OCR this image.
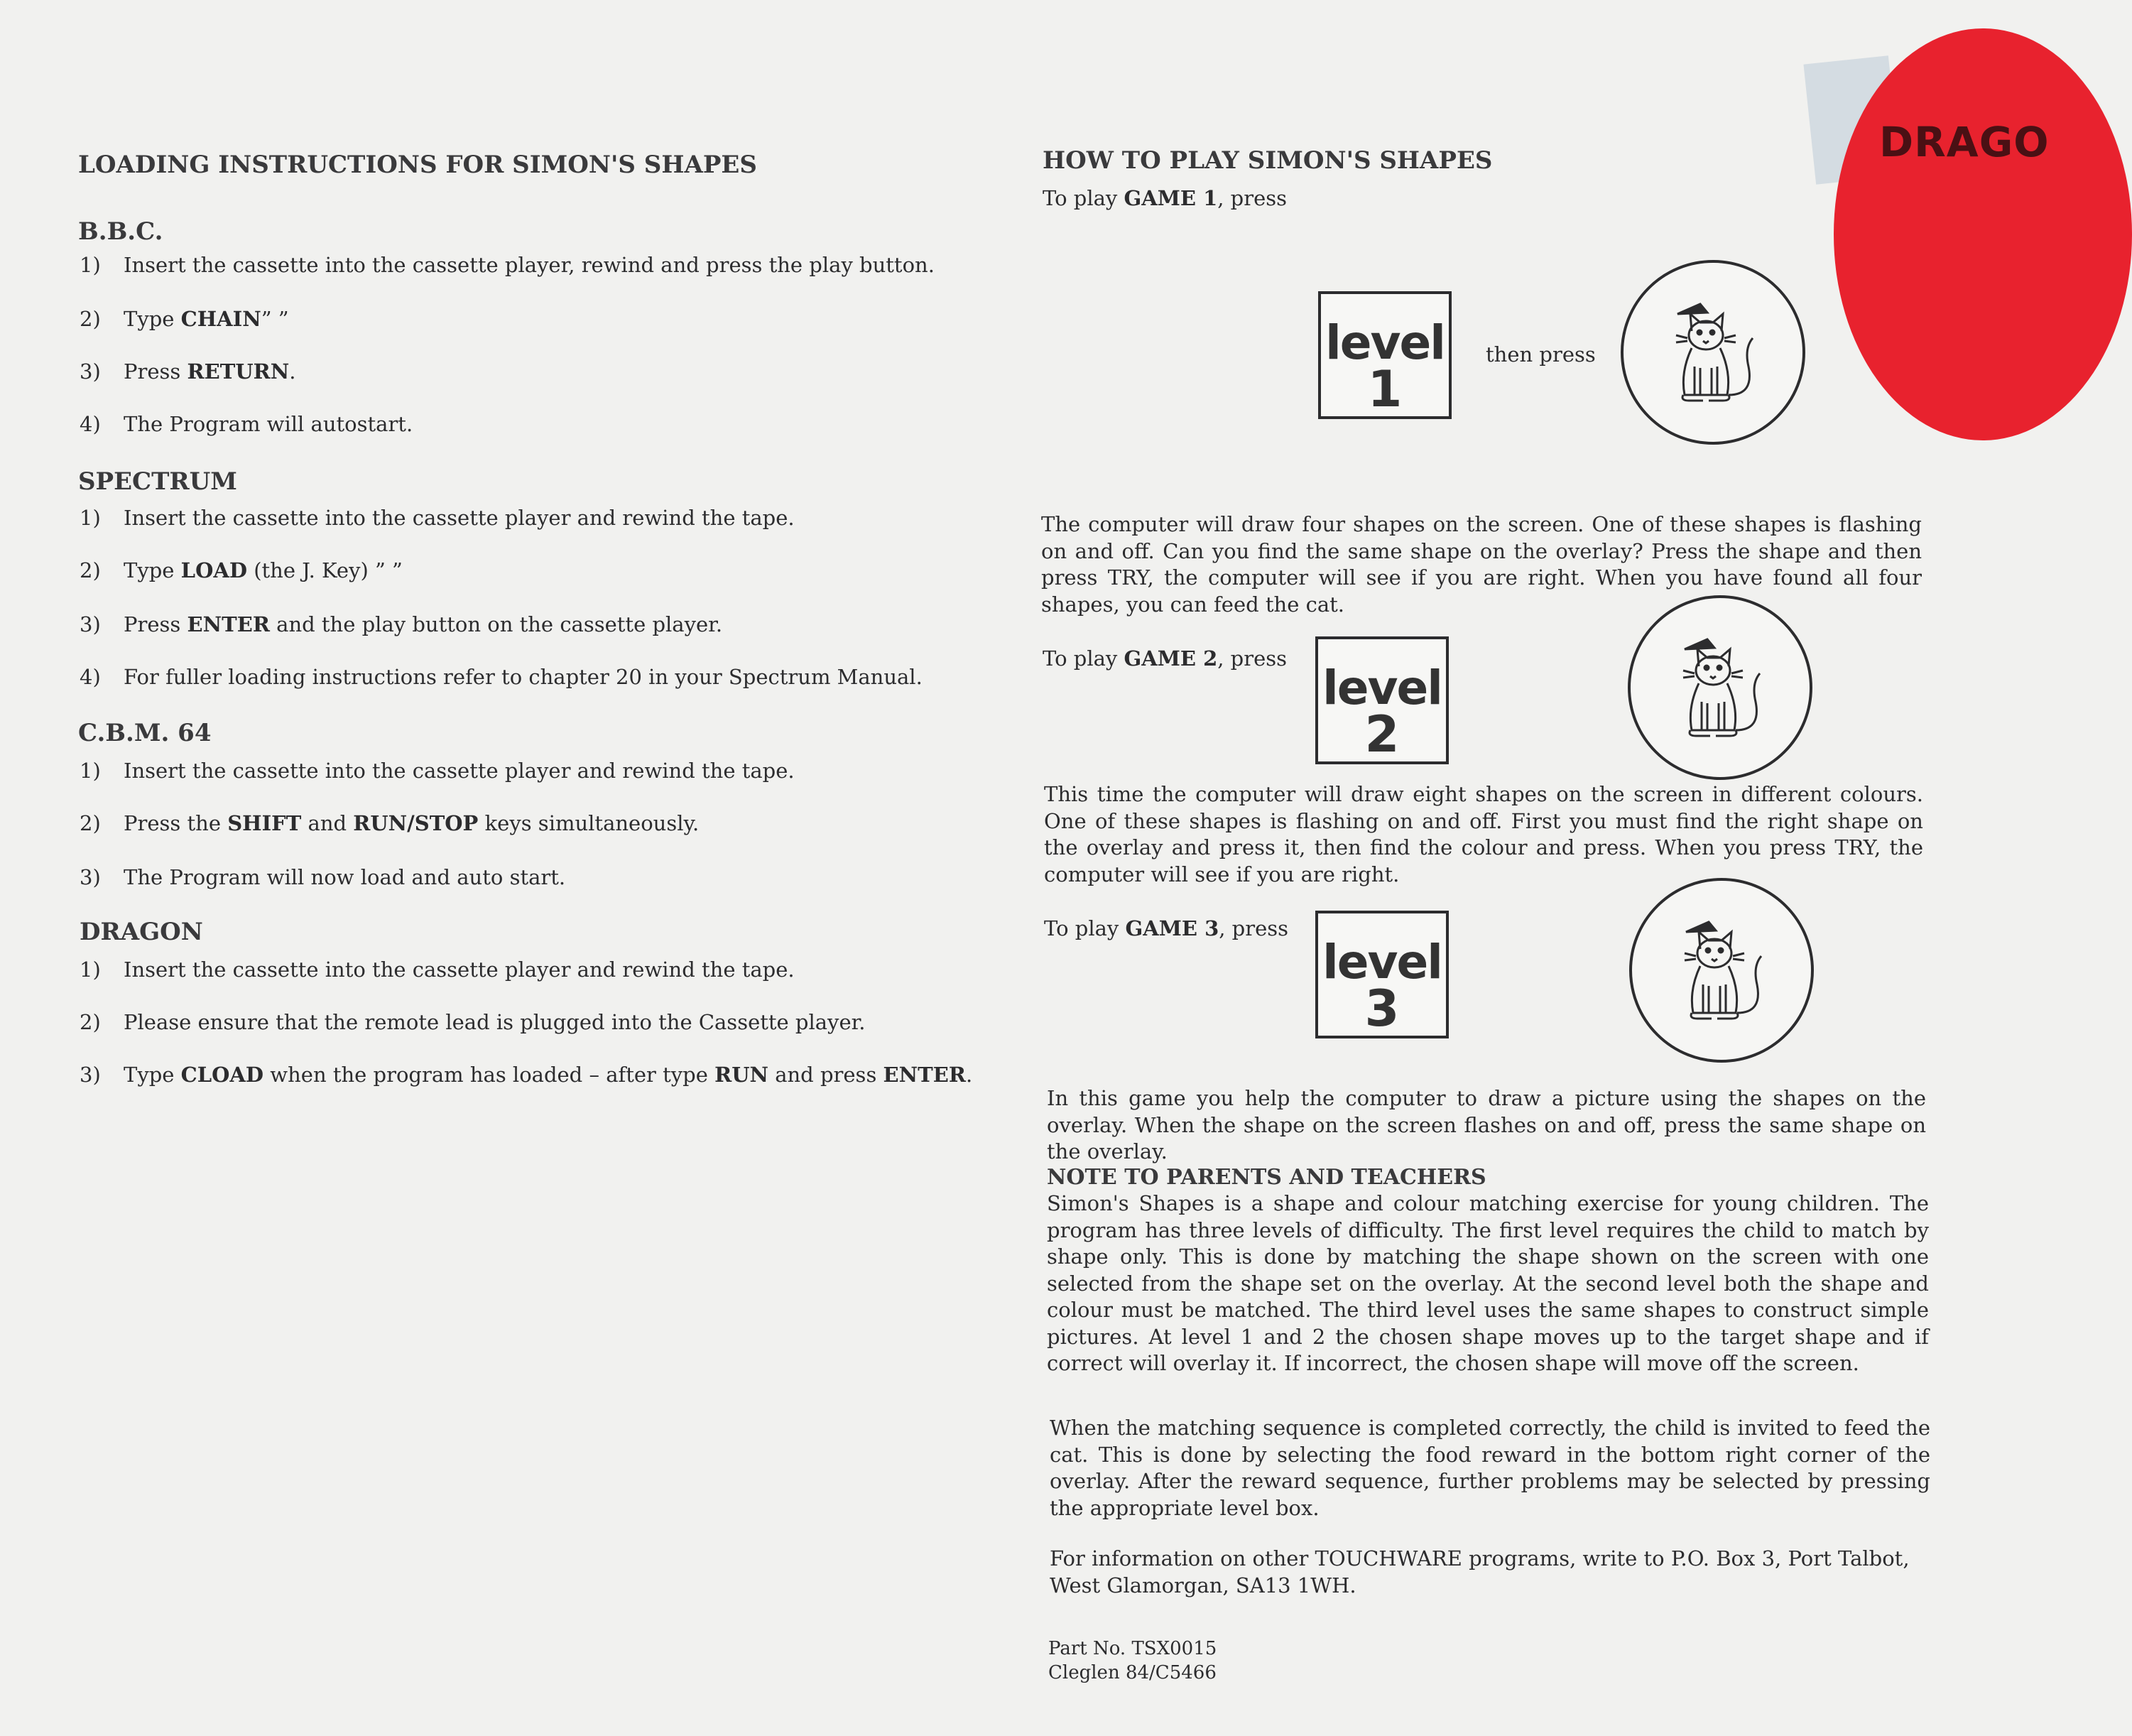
DRAGO
LOADING INSTRUCTIONS FOR SIMON'S SHAPES
B.B.C.
1) Insert the cassette into the cassette player, rewind and press the play button.
2) Type CHAIN” ”
3) Press RETURN.
4) The Program will autostart.
SPECTRUM
1) Insert the cassette into the cassette player and rewind the tape.
2) Type LOAD (the J. Key) ” ”
3) Press ENTER and the play button on the cassette player.
4) For fuller loading instructions refer to chapter 20 in your Spectrum Manual.
C.B.M. 64
1) Insert the cassette into the cassette player and rewind the tape.
2) Press the SHIFT and RUN/STOP keys simultaneously.
3) The Program will now load and auto start.
DRAGON
1) Insert the cassette into the cassette player and rewind the tape.
2) Please ensure that the remote lead is plugged into the Cassette player.
3) Type CLOAD when the program has loaded – after type RUN and press ENTER.
HOW TO PLAY SIMON'S SHAPES
To play GAME 1, press
level
1
then press
The computer will draw four shapes on the screen. One of these shapes is flashing on and off. Can you find the same shape on the overlay? Press the shape and then press TRY, the computer will see if you are right. When you have found all four shapes, you can feed the cat.
To play GAME 2, press
level
2
This time the computer will draw eight shapes on the screen in different colours. One of these shapes is flashing on and off. First you must find the right shape on the overlay and press it, then find the colour and press. When you press TRY, the computer will see if you are right.
To play GAME 3, press
level
3
In this game you help the computer to draw a picture using the shapes on the overlay. When the shape on the screen flashes on and off, press the same shape on the overlay.
NOTE TO PARENTS AND TEACHERS
Simon's Shapes is a shape and colour matching exercise for young children. The program has three levels of difficulty. The first level requires the child to match by shape only. This is done by matching the shape shown on the screen with one selected from the shape set on the overlay. At the second level both the shape and colour must be matched. The third level uses the same shapes to construct simple pictures. At level 1 and 2 the chosen shape moves up to the target shape and if correct will overlay it. If incorrect, the chosen shape will move off the screen.
When the matching sequence is completed correctly, the child is invited to feed the cat. This is done by selecting the food reward in the bottom right corner of the overlay. After the reward sequence, further problems may be selected by pressing the appropriate level box.
For information on other TOUCHWARE programs, write to P.O. Box 3, Port Talbot, West Glamorgan, SA13 1WH.
Part No. TSX0015
Cleglen 84/C5466
